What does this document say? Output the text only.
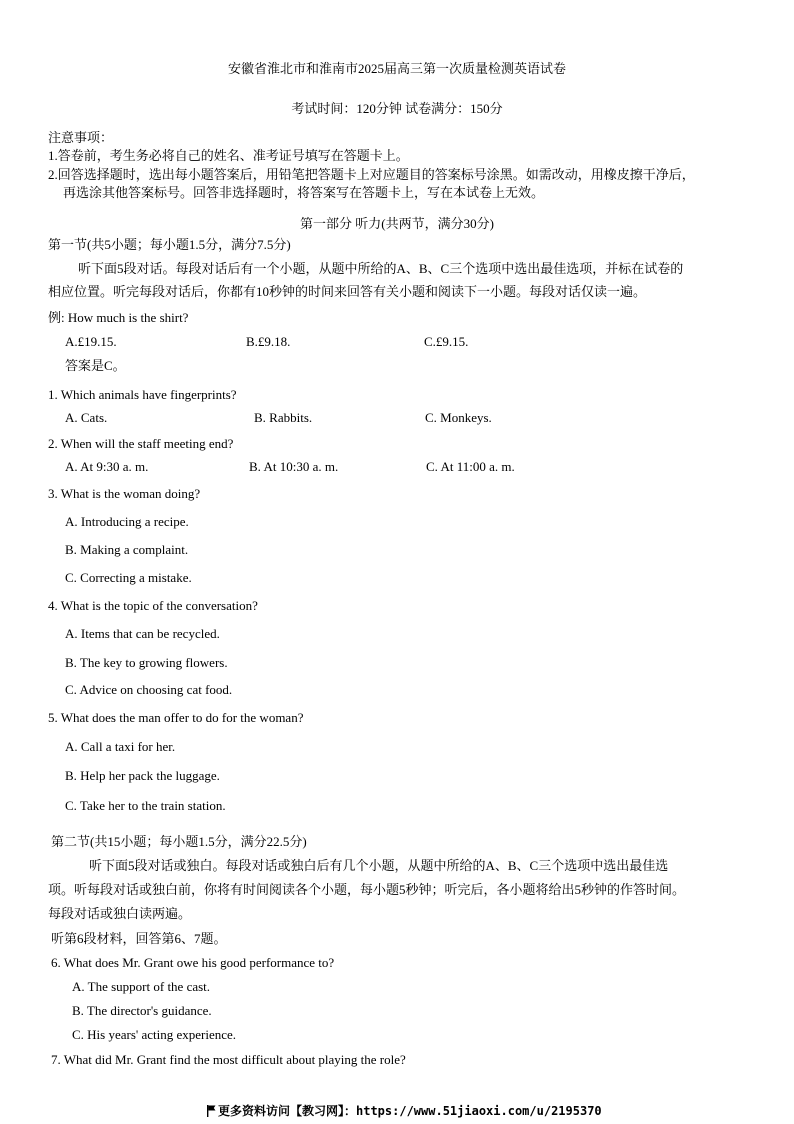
安徽省淮北市和淮南市2025届高三第一次质量检测英语试卷
考试时间：120分钟 试卷满分：150分
注意事项：
1.答卷前，考生务必将自己的姓名、准考证号填写在答题卡上。
2.回答选择题时，选出每小题答案后，用铅笔把答题卡上对应题目的答案标号涂黑。如需改动，用橡皮擦干净后，
再选涂其他答案标号。回答非选择题时，将答案写在答题卡上，写在本试卷上无效。
第一部分 听力(共两节，满分30分)
第一节(共5小题；每小题1.5分，满分7.5分)
听下面5段对话。每段对话后有一个小题，从题中所给的A、B、C三个选项中选出最佳选项，并标在试卷的
相应位置。听完每段对话后，你都有10秒钟的时间来回答有关小题和阅读下一小题。每段对话仅读一遍。
例: How much is the shirt?
A.£19.15.	B.£9.18.	C.£9.15.
答案是C。
1. Which animals have fingerprints?
A. Cats.	B. Rabbits.	C. Monkeys.
2. When will the staff meeting end?
A. At 9:30 a. m.	B. At 10:30 a. m.	C. At 11:00 a. m.
3. What is the woman doing?
A. Introducing a recipe.
B. Making a complaint.
C. Correcting a mistake.
4. What is the topic of the conversation?
A. Items that can be recycled.
B. The key to growing flowers.
C. Advice on choosing cat food.
5. What does the man offer to do for the woman?
A. Call a taxi for her.
B. Help her pack the luggage.
C. Take her to the train station.
第二节(共15小题；每小题1.5分，满分22.5分)
听下面5段对话或独白。每段对话或独白后有几个小题，从题中所给的A、B、C三个选项中选出最佳选
项。听每段对话或独白前，你将有时间阅读各个小题，每小题5秒钟；听完后，各小题将给出5秒钟的作答时间。
每段对话或独白读两遍。
听第6段材料，回答第6、7题。
6. What does Mr. Grant owe his good performance to?
A. The support of the cast.
B. The director's guidance.
C. His years' acting experience.
7. What did Mr. Grant find the most difficult about playing the role?
更多资料访问【教习网】：https://www.51jiaoxi.com/u/2195370
